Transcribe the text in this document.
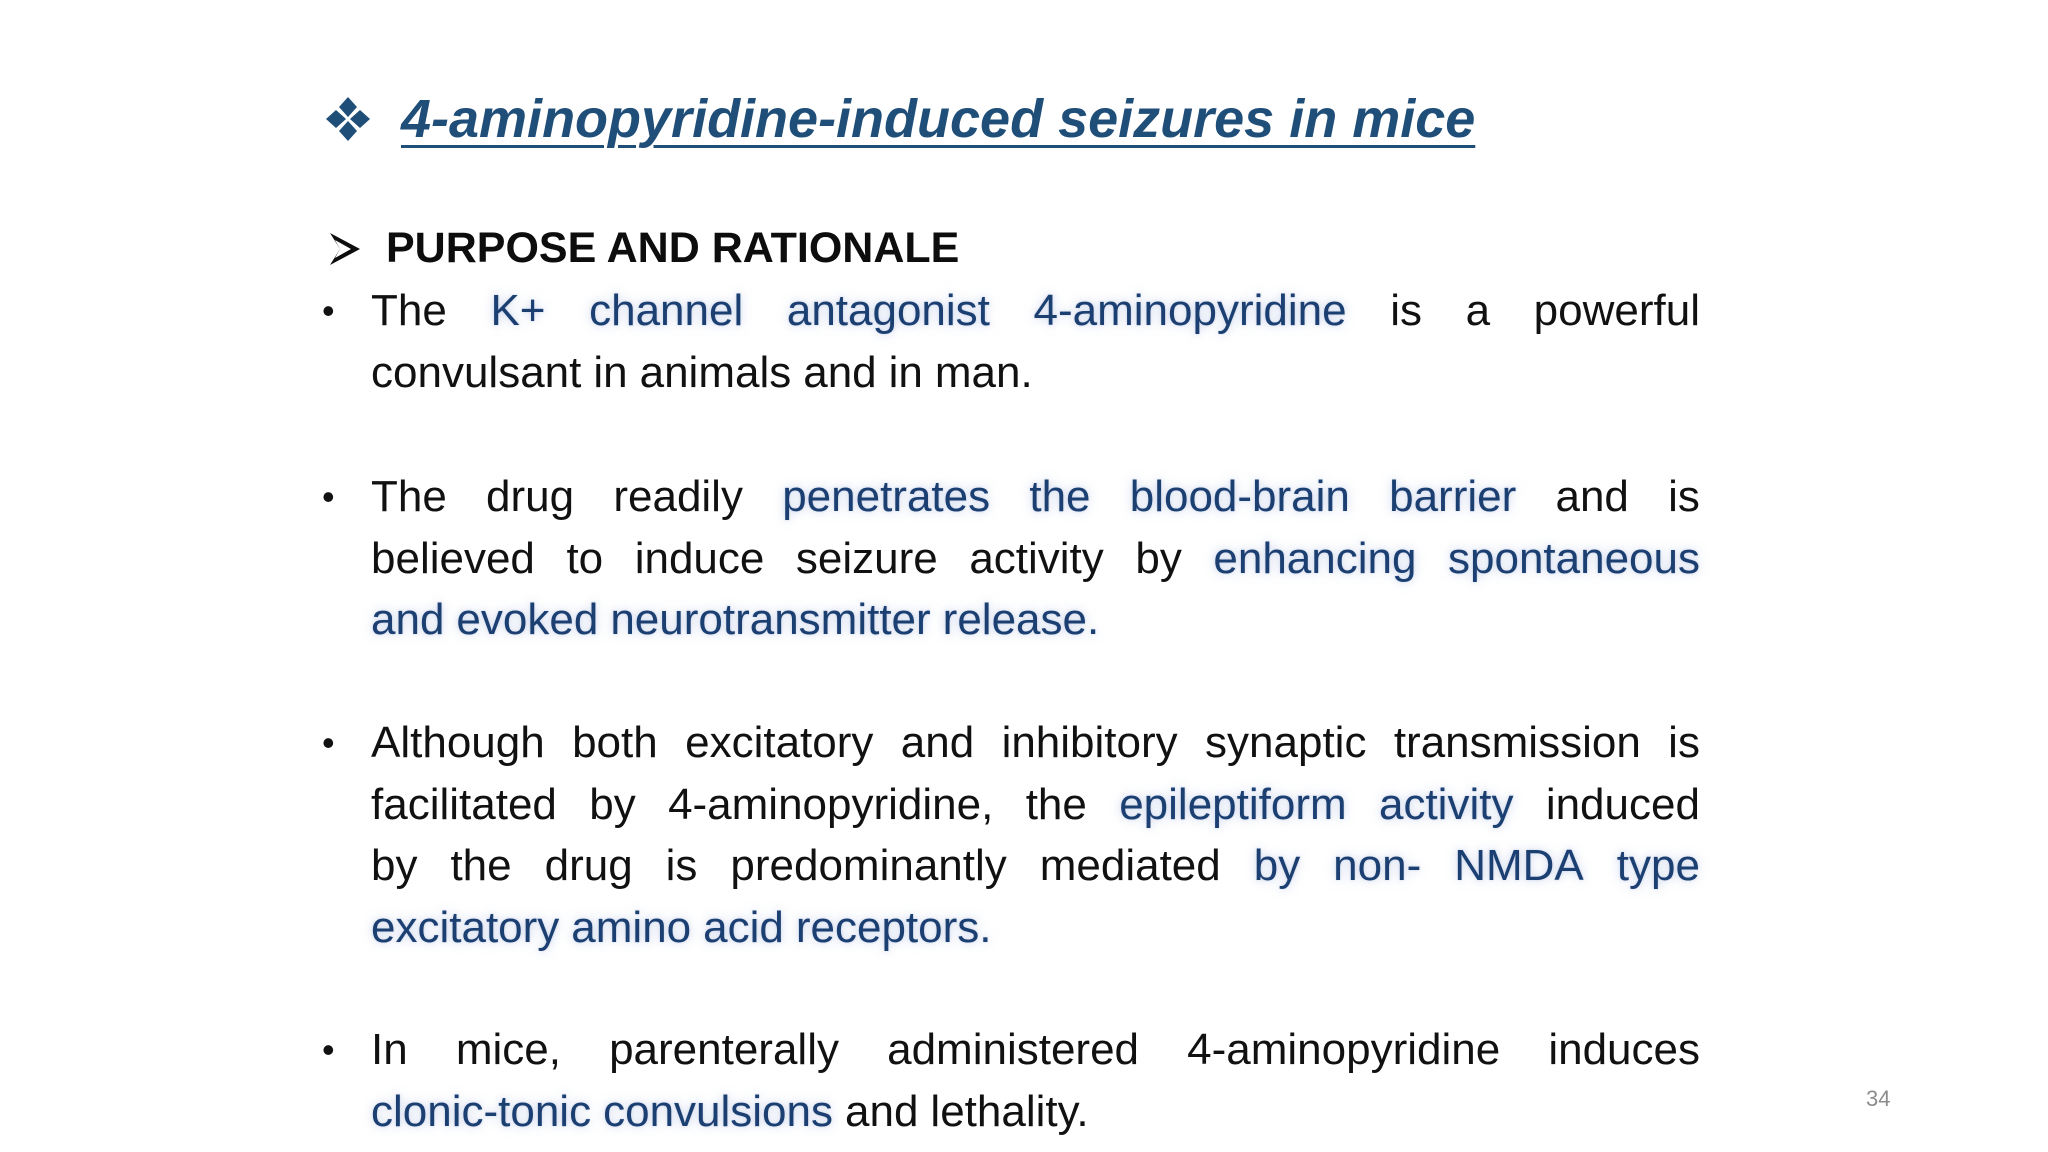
4-aminopyridine-induced seizures in mice
PURPOSE AND RATIONALE
• The K+ channel antagonist 4-aminopyridine is a powerful
convulsant in animals and in man.
• The drug readily penetrates the blood-brain barrier and is
believed to induce seizure activity by enhancing spontaneous
and evoked neurotransmitter release.
• Although both excitatory and inhibitory synaptic transmission is
facilitated by 4-aminopyridine, the epileptiform activity induced
by the drug is predominantly mediated by non- NMDA type
excitatory amino acid receptors.
• In mice, parenterally administered 4-aminopyridine induces
clonic-tonic convulsions and lethality.	34
